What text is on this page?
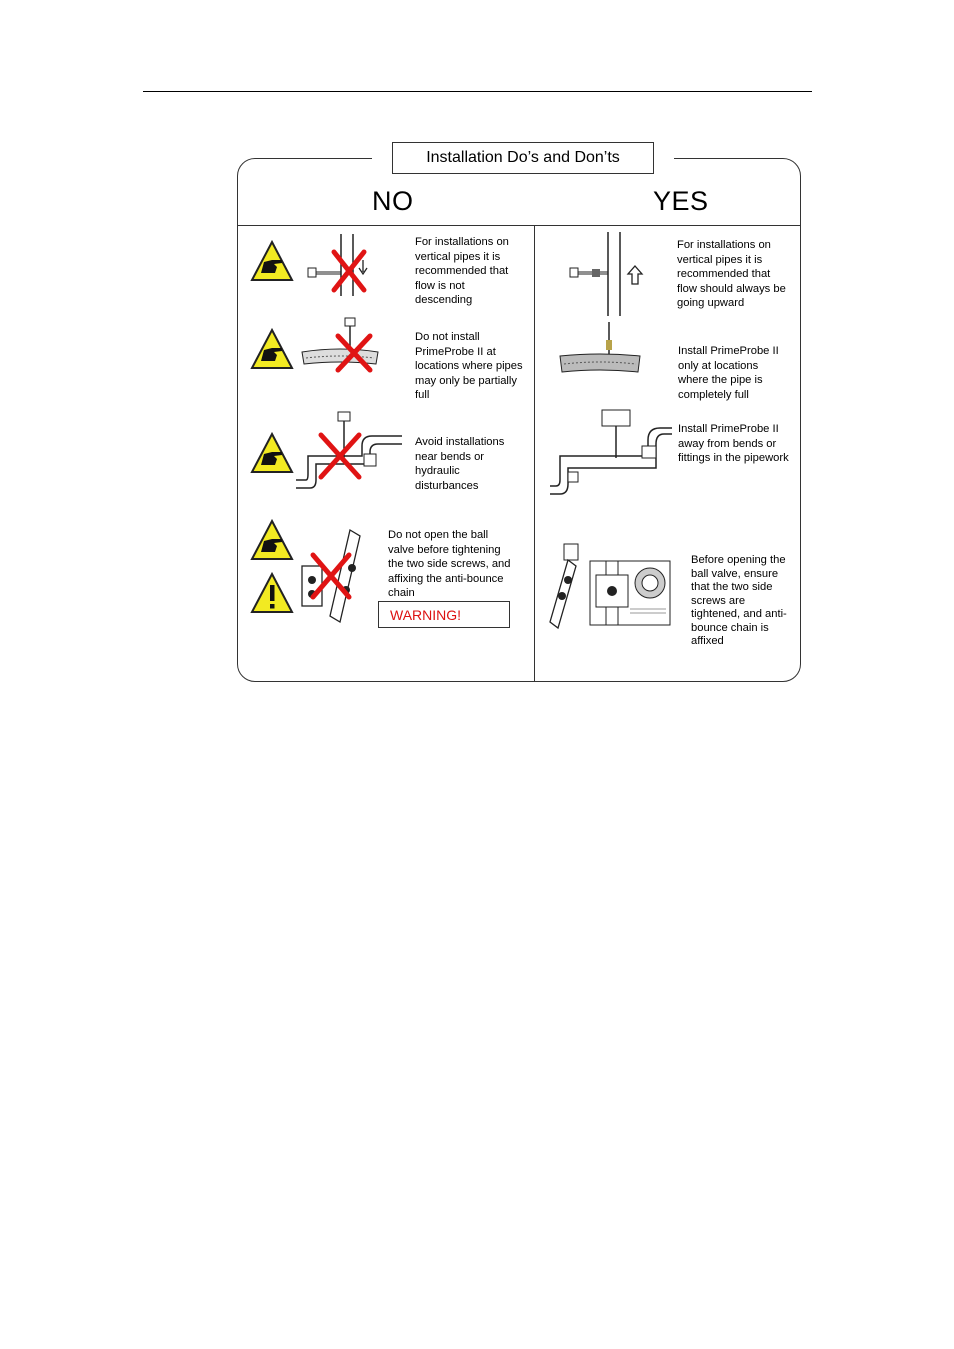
Installation Do’s and Don’ts
NO	YES
For installations on vertical pipes it is recommended that flow is not descending
Do not install PrimeProbe II at locations where pipes may only be partially full
Avoid installations near bends or hydraulic disturbances
Do not open the ball valve before tightening the two side screws, and affixing the anti-bounce chain
WARNING!
For installations on vertical pipes it is recommended that flow should always be going upward
Install PrimeProbe II only at locations where the pipe is completely full
Install PrimeProbe II away from bends or fittings in the pipework
Before opening the ball valve, ensure that the two side screws are tightened, and anti-bounce chain is affixed
